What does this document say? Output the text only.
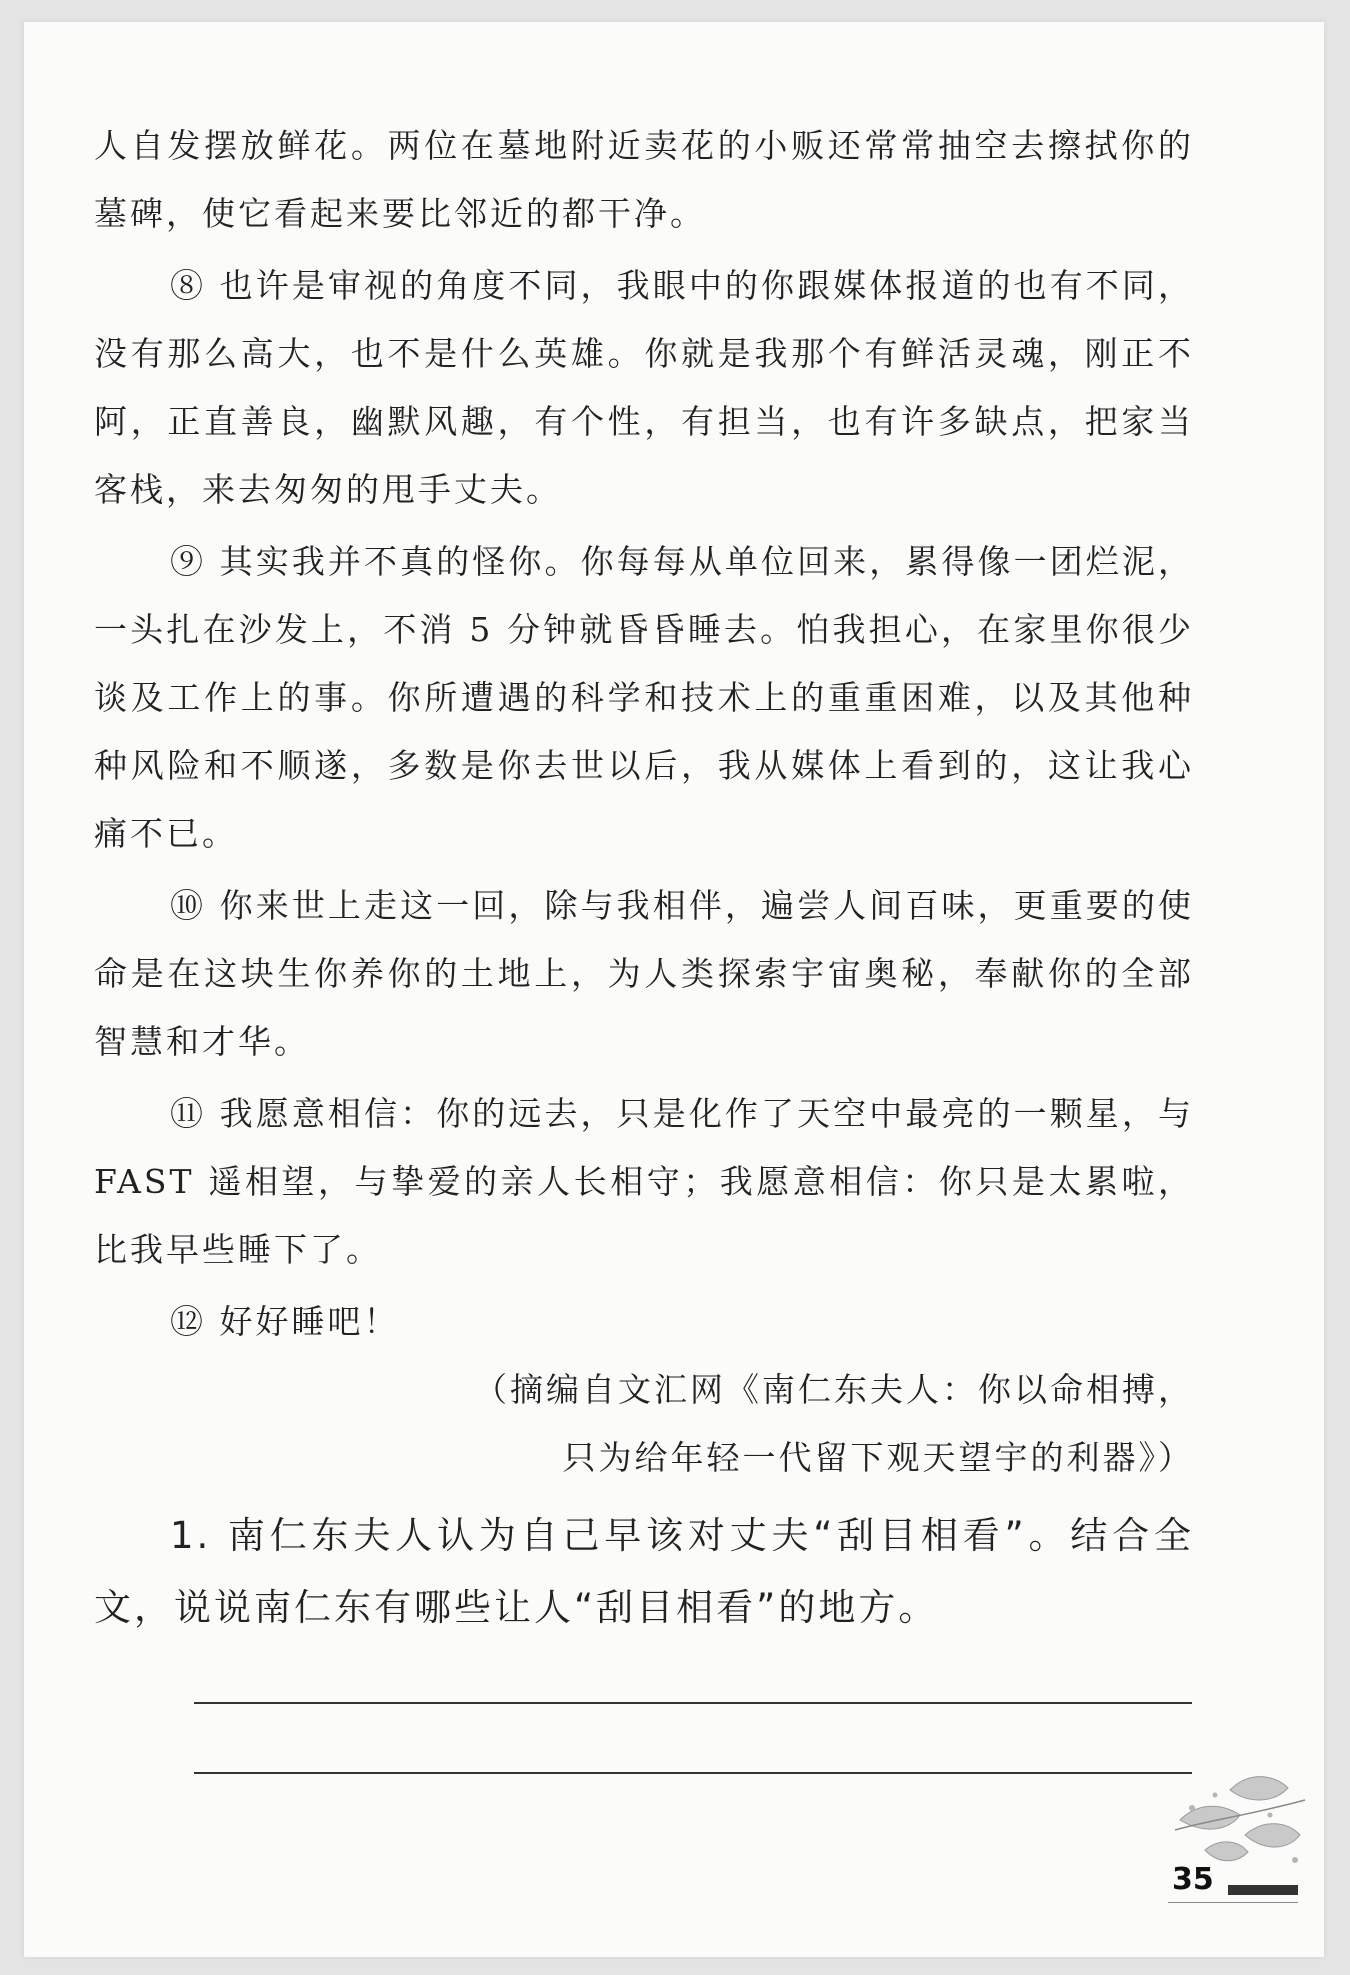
人自发摆放鲜花。两位在墓地附近卖花的小贩还常常抽空去擦拭你的墓碑，使它看起来要比邻近的都干净。

⑧ 也许是审视的角度不同，我眼中的你跟媒体报道的也有不同，没有那么高大，也不是什么英雄。你就是我那个有鲜活灵魂，刚正不阿，正直善良，幽默风趣，有个性，有担当，也有许多缺点，把家当客栈，来去匆匆的甩手丈夫。

⑨ 其实我并不真的怪你。你每每从单位回来，累得像一团烂泥，一头扎在沙发上，不消 5 分钟就昏昏睡去。怕我担心，在家里你很少谈及工作上的事。你所遭遇的科学和技术上的重重困难，以及其他种种风险和不顺遂，多数是你去世以后，我从媒体上看到的，这让我心痛不已。

⑩ 你来世上走这一回，除与我相伴，遍尝人间百味，更重要的使命是在这块生你养你的土地上，为人类探索宇宙奥秘，奉献你的全部智慧和才华。

⑪ 我愿意相信：你的远去，只是化作了天空中最亮的一颗星，与 FAST 遥相望，与挚爱的亲人长相守；我愿意相信：你只是太累啦，比我早些睡下了。

⑫ 好好睡吧！

（摘编自文汇网《南仁东夫人：你以命相搏，

只为给年轻一代留下观天望宇的利器》）

1. 南仁东夫人认为自己早该对丈夫“刮目相看”。结合全文，说说南仁东有哪些让人“刮目相看”的地方。

35
